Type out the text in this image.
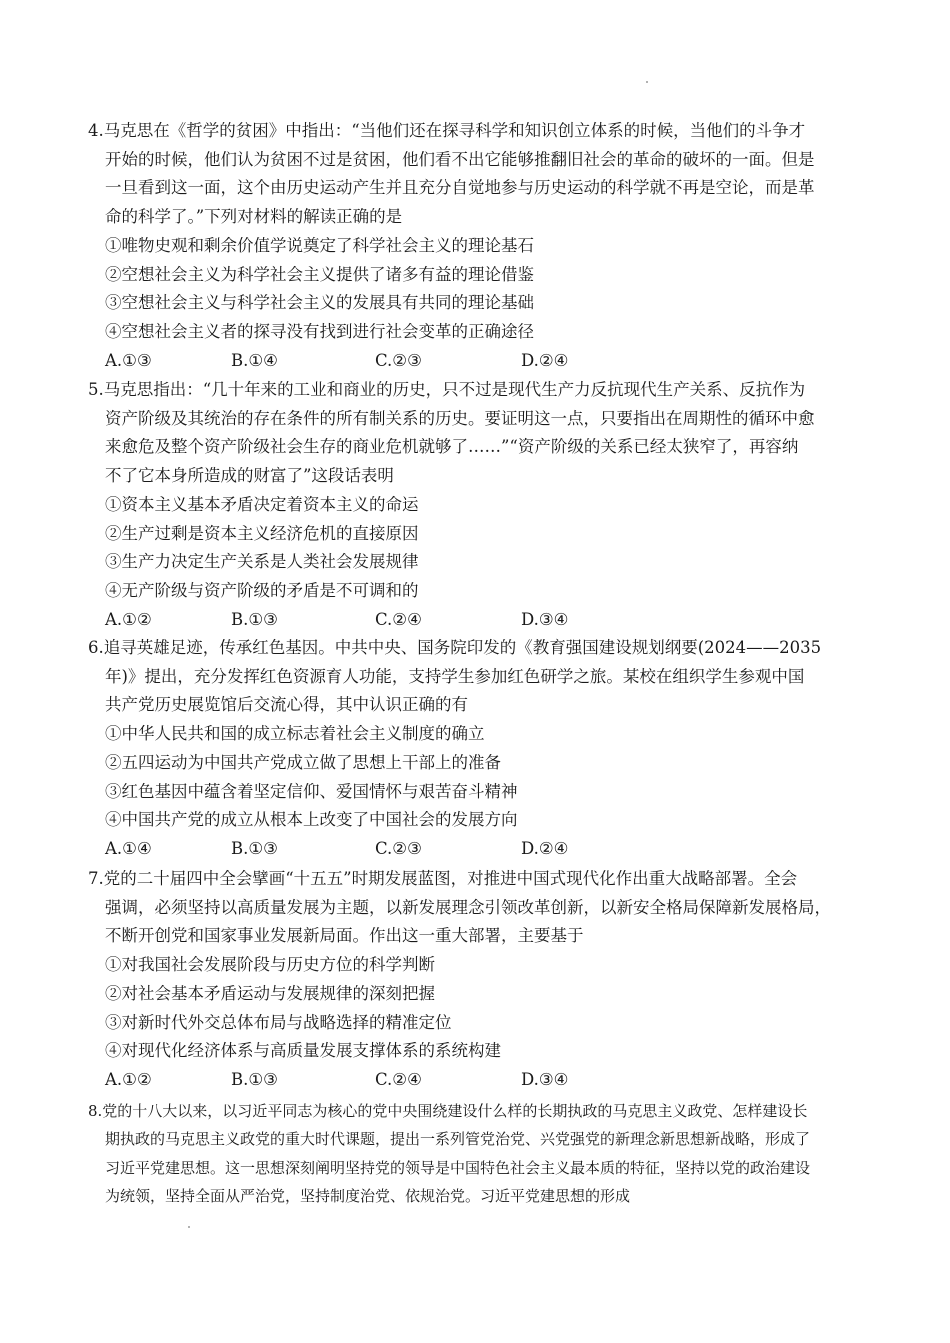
4.马克思在《哲学的贫困》中指出：“当他们还在探寻科学和知识创立体系的时候，当他们的斗争才
开始的时候，他们认为贫困不过是贫困，他们看不出它能够推翻旧社会的革命的破坏的一面。但是
一旦看到这一面，这个由历史运动产生并且充分自觉地参与历史运动的科学就不再是空论，而是革
命的科学了。”下列对材料的解读正确的是
①唯物史观和剩余价值学说奠定了科学社会主义的理论基石
②空想社会主义为科学社会主义提供了诸多有益的理论借鉴
③空想社会主义与科学社会主义的发展具有共同的理论基础
④空想社会主义者的探寻没有找到进行社会变革的正确途径
A.①③	B.①④	C.②③	D.②④
5.马克思指出：“几十年来的工业和商业的历史，只不过是现代生产力反抗现代生产关系、反抗作为
资产阶级及其统治的存在条件的所有制关系的历史。要证明这一点，只要指出在周期性的循环中愈
来愈危及整个资产阶级社会生存的商业危机就够了……”“资产阶级的关系已经太狭窄了，再容纳
不了它本身所造成的财富了”这段话表明
①资本主义基本矛盾决定着资本主义的命运
②生产过剩是资本主义经济危机的直接原因
③生产力决定生产关系是人类社会发展规律
④无产阶级与资产阶级的矛盾是不可调和的
A.①②	B.①③	C.②④	D.③④
6.追寻英雄足迹，传承红色基因。中共中央、国务院印发的《教育强国建设规划纲要(2024——2035
年)》提出，充分发挥红色资源育人功能，支持学生参加红色研学之旅。某校在组织学生参观中国
共产党历史展览馆后交流心得，其中认识正确的有
①中华人民共和国的成立标志着社会主义制度的确立
②五四运动为中国共产党成立做了思想上干部上的准备
③红色基因中蕴含着坚定信仰、爱国情怀与艰苦奋斗精神
④中国共产党的成立从根本上改变了中国社会的发展方向
A.①④	B.①③	C.②③	D.②④
7.党的二十届四中全会擘画“十五五”时期发展蓝图，对推进中国式现代化作出重大战略部署。全会
强调，必须坚持以高质量发展为主题，以新发展理念引领改革创新，以新安全格局保障新发展格局，
不断开创党和国家事业发展新局面。作出这一重大部署，主要基于
①对我国社会发展阶段与历史方位的科学判断
②对社会基本矛盾运动与发展规律的深刻把握
③对新时代外交总体布局与战略选择的精准定位
④对现代化经济体系与高质量发展支撑体系的系统构建
A.①②	B.①③	C.②④	D.③④
8.党的十八大以来，以习近平同志为核心的党中央围绕建设什么样的长期执政的马克思主义政党、怎样建设长
期执政的马克思主义政党的重大时代课题，提出一系列管党治党、兴党强党的新理念新思想新战略，形成了
习近平党建思想。这一思想深刻阐明坚持党的领导是中国特色社会主义最本质的特征，坚持以党的政治建设
为统领，坚持全面从严治党，坚持制度治党、依规治党。习近平党建思想的形成
